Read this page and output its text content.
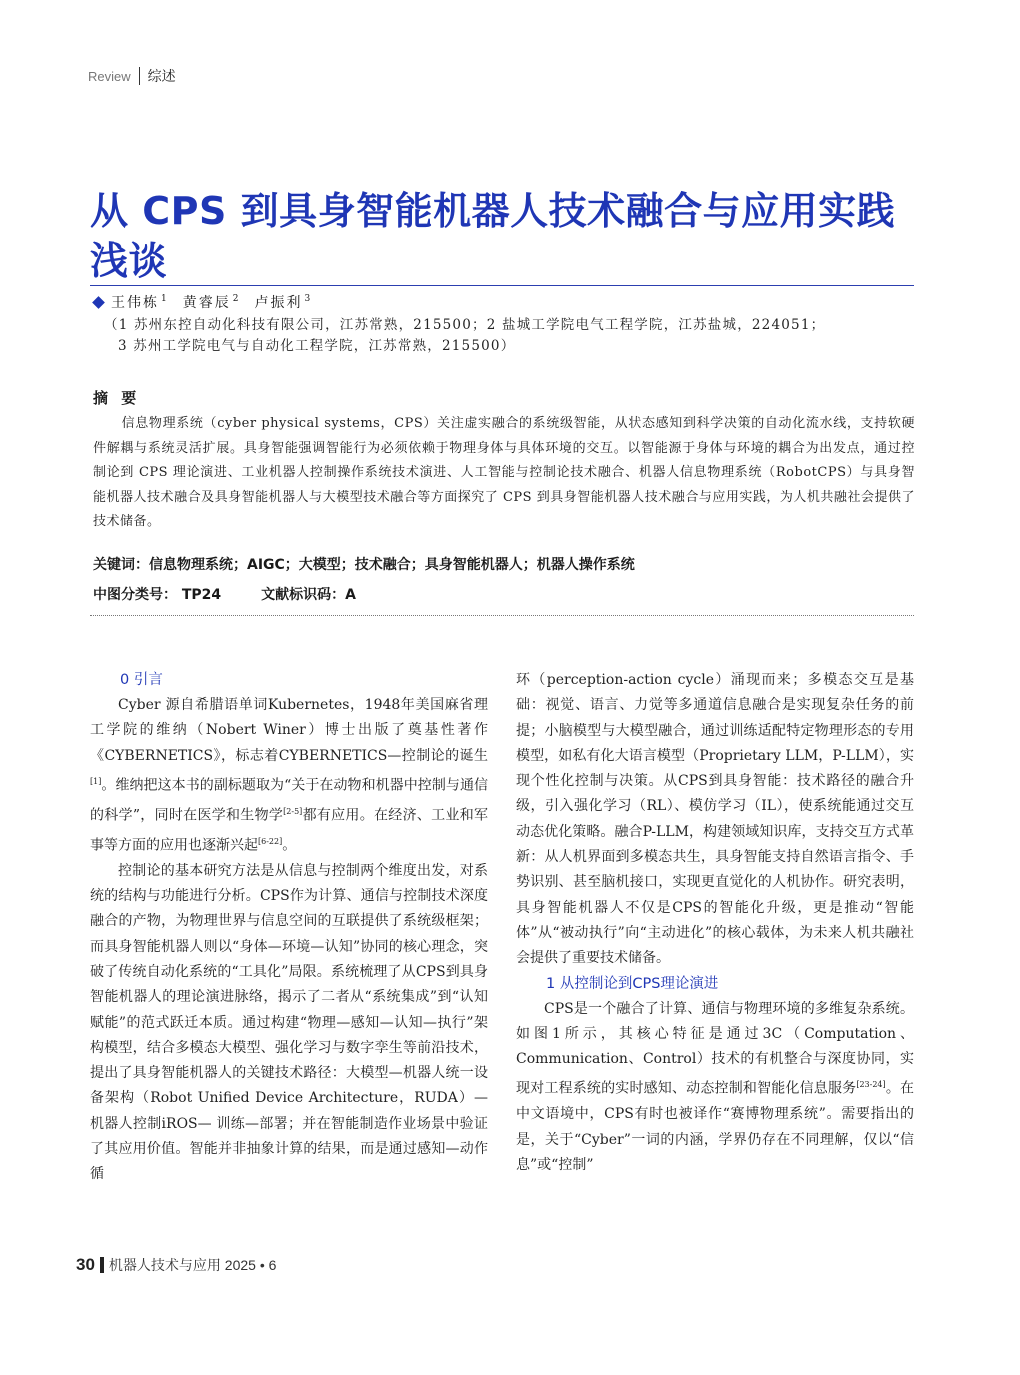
Review 综述
从 CPS 到具身智能机器人技术融合与应用实践浅谈
王伟栋 $^1$ 黄睿辰 $^2$ 卢振利 $^3$
（1 苏州东控自动化科技有限公司，江苏常熟，215500；2 盐城工学院电气工程学院，江苏盐城，224051；
3 苏州工学院电气与自动化工程学院，江苏常熟，215500）
摘 要
信息物理系统（cyber physical systems，CPS）关注虚实融合的系统级智能，从状态感知到科学决策的自动化流水线，支持软硬件解耦与系统灵活扩展。具身智能强调智能行为必须依赖于物理身体与具体环境的交互。以智能源于身体与环境的耦合为出发点，通过控制论到 CPS 理论演进、工业机器人控制操作系统技术演进、人工智能与控制论技术融合、机器人信息物理系统（RobotCPS）与具身智能机器人技术融合及具身智能机器人与大模型技术融合等方面探究了 CPS 到具身智能机器人技术融合与应用实践，为人机共融社会提供了技术储备。
关键词：信息物理系统；AIGC；大模型；技术融合；具身智能机器人；机器人操作系统
中图分类号： TP24	文献标识码：A
0 引言

Cyber 源自希腊语单词Kubernetes，1948年美国麻省理工学院的维纳（Nobert Winer）博士出版了奠基性著作《CYBERNETICS》，标志着CYBERNETICS—控制论的诞生[1]。维纳把这本书的副标题取为“关于在动物和机器中控制与通信的科学”，同时在医学和生物学[2-5]都有应用。在经济、工业和军事等方面的应用也逐渐兴起[6-22]。

控制论的基本研究方法是从信息与控制两个维度出发，对系统的结构与功能进行分析。CPS作为计算、通信与控制技术深度融合的产物，为物理世界与信息空间的互联提供了系统级框架；而具身智能机器人则以“身体—环境—认知”协同的核心理念，突破了传统自动化系统的“工具化”局限。系统梳理了从CPS到具身智能机器人的理论演进脉络，揭示了二者从“系统集成”到“认知赋能”的范式跃迁本质。通过构建“物理—感知—认知—执行”架构模型，结合多模态大模型、强化学习与数字孪生等前沿技术，提出了具身智能机器人的关键技术路径：大模型—机器人统一设备架构（Robot Unified Device Architecture，RUDA）— 机器人控制iROS— 训练—部署；并在智能制造作业场景中验证了其应用价值。智能并非抽象计算的结果，而是通过感知—动作循

环（perception-action cycle）涌现而来；多模态交互是基础：视觉、语言、力觉等多通道信息融合是实现复杂任务的前提；小脑模型与大模型融合，通过训练适配特定物理形态的专用模型，如私有化大语言模型（Proprietary LLM，P-LLM），实现个性化控制与决策。从CPS到具身智能：技术路径的融合升级，引入强化学习（RL）、模仿学习（IL），使系统能通过交互动态优化策略。融合P-LLM，构建领域知识库，支持交互方式革新：从人机界面到多模态共生，具身智能支持自然语言指令、手势识别、甚至脑机接口，实现更直觉化的人机协作。研究表明，具身智能机器人不仅是CPS的智能化升级，更是推动“智能体”从“被动执行”向“主动进化”的核心载体，为未来人机共融社会提供了重要技术储备。

1 从控制论到CPS理论演进

CPS是一个融合了计算、通信与物理环境的多维复杂系统。如图1所示，其核心特征是通过3C（Computation、Communication、Control）技术的有机整合与深度协同，实现对工程系统的实时感知、动态控制和智能化信息服务[23-24]。在中文语境中，CPS有时也被译作“赛博物理系统”。需要指出的是，关于“Cyber”一词的内涵，学界仍存在不同理解，仅以“信息”或“控制”

30 机器人技术与应用 2025 • 6
